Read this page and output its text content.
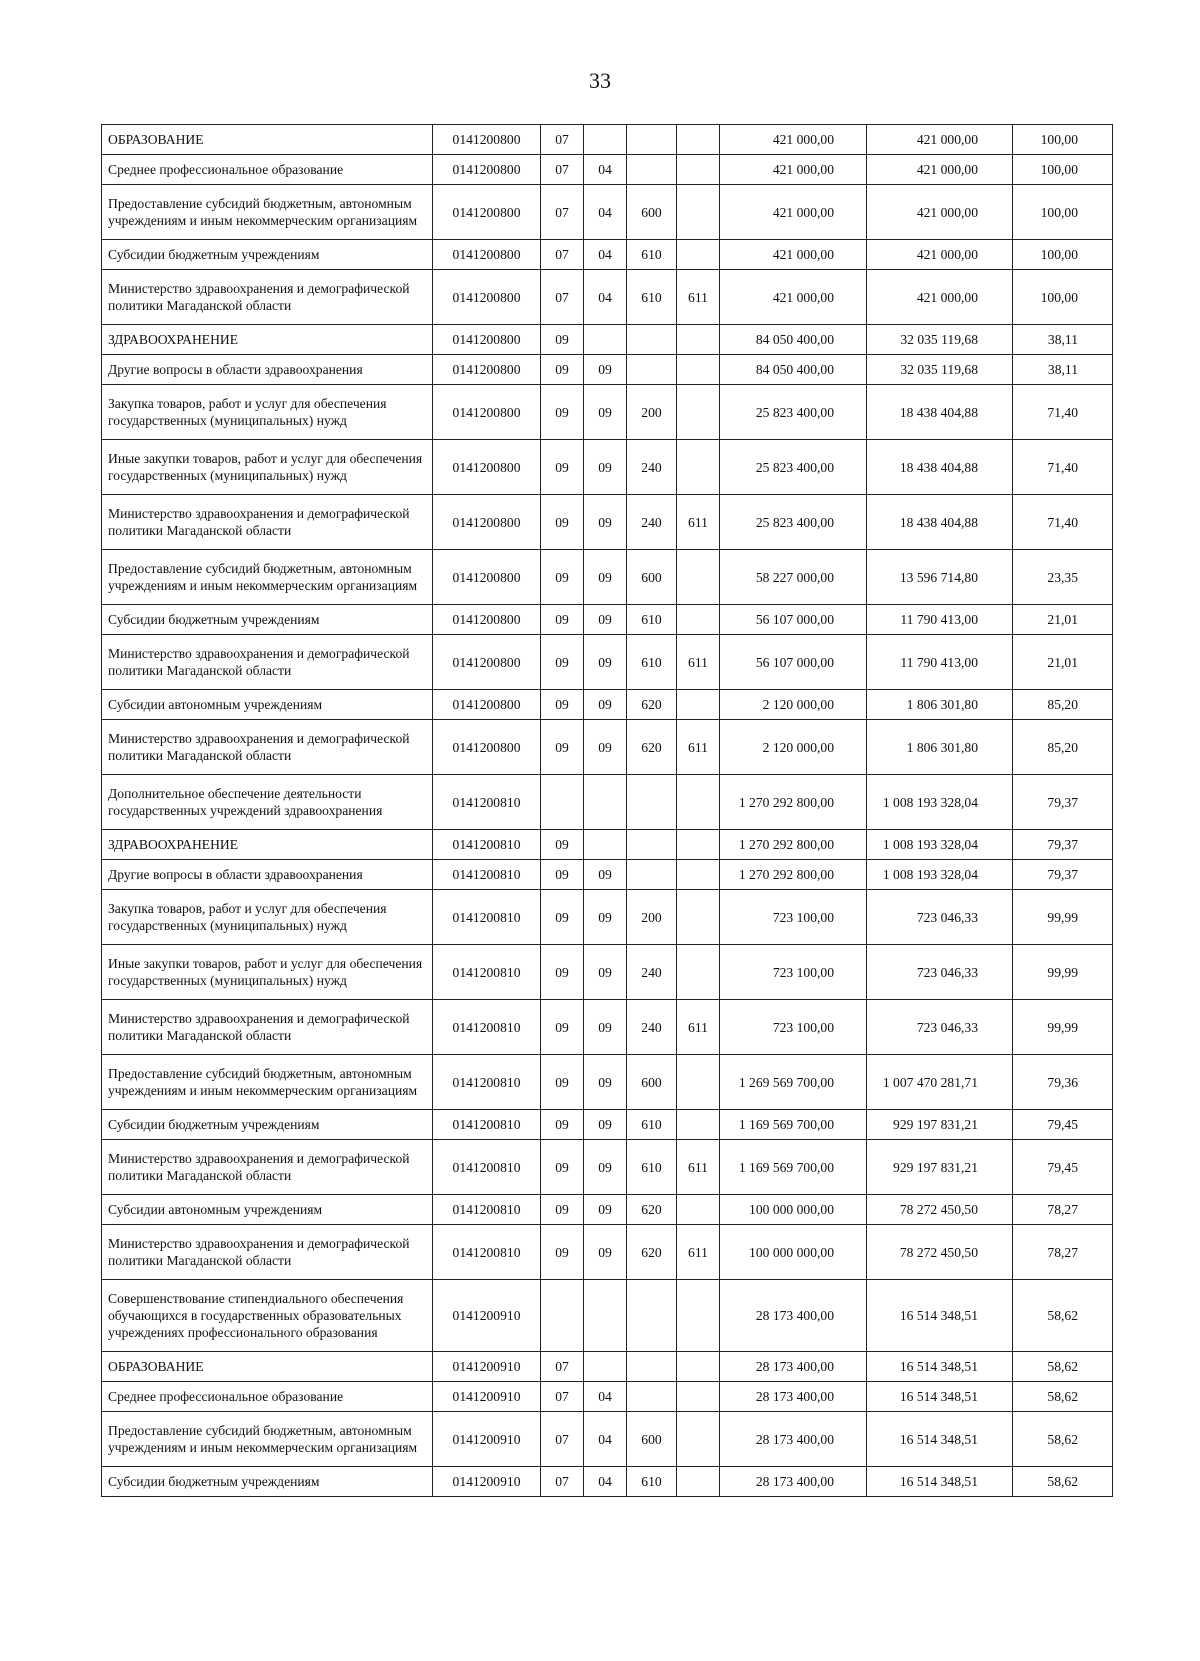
33
ОБРАЗОВАНИЕ	0141200800	07				421 000,00	421 000,00	100,00
Среднее профессиональное образование	0141200800	07	04			421 000,00	421 000,00	100,00
Предоставление субсидий бюджетным, автономным учреждениям и иным некоммерческим организациям	0141200800	07	04	600		421 000,00	421 000,00	100,00
Субсидии бюджетным учреждениям	0141200800	07	04	610		421 000,00	421 000,00	100,00
Министерство здравоохранения и демографической политики Магаданской области	0141200800	07	04	610	611	421 000,00	421 000,00	100,00
ЗДРАВООХРАНЕНИЕ	0141200800	09				84 050 400,00	32 035 119,68	38,11
Другие вопросы в области здравоохранения	0141200800	09	09			84 050 400,00	32 035 119,68	38,11
Закупка товаров, работ и услуг для обеспечения государственных (муниципальных) нужд	0141200800	09	09	200		25 823 400,00	18 438 404,88	71,40
Иные закупки товаров, работ и услуг для обеспечения государственных (муниципальных) нужд	0141200800	09	09	240		25 823 400,00	18 438 404,88	71,40
Министерство здравоохранения и демографической политики Магаданской области	0141200800	09	09	240	611	25 823 400,00	18 438 404,88	71,40
Предоставление субсидий бюджетным, автономным учреждениям и иным некоммерческим организациям	0141200800	09	09	600		58 227 000,00	13 596 714,80	23,35
Субсидии бюджетным учреждениям	0141200800	09	09	610		56 107 000,00	11 790 413,00	21,01
Министерство здравоохранения и демографической политики Магаданской области	0141200800	09	09	610	611	56 107 000,00	11 790 413,00	21,01
Субсидии автономным учреждениям	0141200800	09	09	620		2 120 000,00	1 806 301,80	85,20
Министерство здравоохранения и демографической политики Магаданской области	0141200800	09	09	620	611	2 120 000,00	1 806 301,80	85,20
Дополнительное обеспечение деятельности государственных учреждений здравоохранения	0141200810					1 270 292 800,00	1 008 193 328,04	79,37
ЗДРАВООХРАНЕНИЕ	0141200810	09				1 270 292 800,00	1 008 193 328,04	79,37
Другие вопросы в области здравоохранения	0141200810	09	09			1 270 292 800,00	1 008 193 328,04	79,37
Закупка товаров, работ и услуг для обеспечения государственных (муниципальных) нужд	0141200810	09	09	200		723 100,00	723 046,33	99,99
Иные закупки товаров, работ и услуг для обеспечения государственных (муниципальных) нужд	0141200810	09	09	240		723 100,00	723 046,33	99,99
Министерство здравоохранения и демографической политики Магаданской области	0141200810	09	09	240	611	723 100,00	723 046,33	99,99
Предоставление субсидий бюджетным, автономным учреждениям и иным некоммерческим организациям	0141200810	09	09	600		1 269 569 700,00	1 007 470 281,71	79,36
Субсидии бюджетным учреждениям	0141200810	09	09	610		1 169 569 700,00	929 197 831,21	79,45
Министерство здравоохранения и демографической политики Магаданской области	0141200810	09	09	610	611	1 169 569 700,00	929 197 831,21	79,45
Субсидии автономным учреждениям	0141200810	09	09	620		100 000 000,00	78 272 450,50	78,27
Министерство здравоохранения и демографической политики Магаданской области	0141200810	09	09	620	611	100 000 000,00	78 272 450,50	78,27
Совершенствование стипендиального обеспечения обучающихся в государственных образовательных учреждениях профессионального образования	0141200910					28 173 400,00	16 514 348,51	58,62
ОБРАЗОВАНИЕ	0141200910	07				28 173 400,00	16 514 348,51	58,62
Среднее профессиональное образование	0141200910	07	04			28 173 400,00	16 514 348,51	58,62
Предоставление субсидий бюджетным, автономным учреждениям и иным некоммерческим организациям	0141200910	07	04	600		28 173 400,00	16 514 348,51	58,62
Субсидии бюджетным учреждениям	0141200910	07	04	610		28 173 400,00	16 514 348,51	58,62
